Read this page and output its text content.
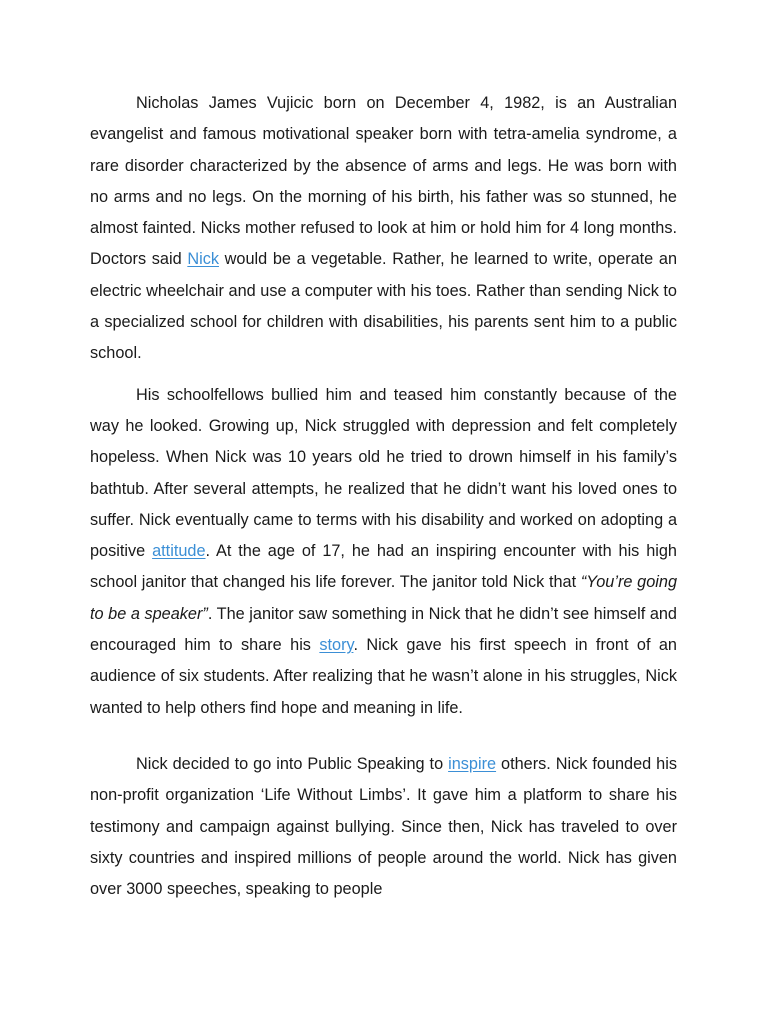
Nicholas James Vujicic born on December 4, 1982, is an Australian evangelist and famous motivational speaker born with tetra-amelia syndrome, a rare disorder characterized by the absence of arms and legs. He was born with no arms and no legs. On the morning of his birth, his father was so stunned, he almost fainted. Nicks mother refused to look at him or hold him for 4 long months. Doctors said Nick would be a vegetable. Rather, he learned to write, operate an electric wheelchair and use a computer with his toes. Rather than sending Nick to a specialized school for children with disabilities, his parents sent him to a public school.

His schoolfellows bullied him and teased him constantly because of the way he looked. Growing up, Nick struggled with depression and felt completely hopeless. When Nick was 10 years old he tried to drown himself in his family’s bathtub. After several attempts, he realized that he didn’t want his loved ones to suffer. Nick eventually came to terms with his disability and worked on adopting a positive attitude. At the age of 17, he had an inspiring encounter with his high school janitor that changed his life forever. The janitor told Nick that “You’re going to be a speaker”. The janitor saw something in Nick that he didn’t see himself and encouraged him to share his story. Nick gave his first speech in front of an audience of six students. After realizing that he wasn’t alone in his struggles, Nick wanted to help others find hope and meaning in life.

Nick decided to go into Public Speaking to inspire others. Nick founded his non-profit organization ‘Life Without Limbs’. It gave him a platform to share his testimony and campaign against bullying. Since then, Nick has traveled to over sixty countries and inspired millions of people around the world. Nick has given over 3000 speeches, speaking to people
